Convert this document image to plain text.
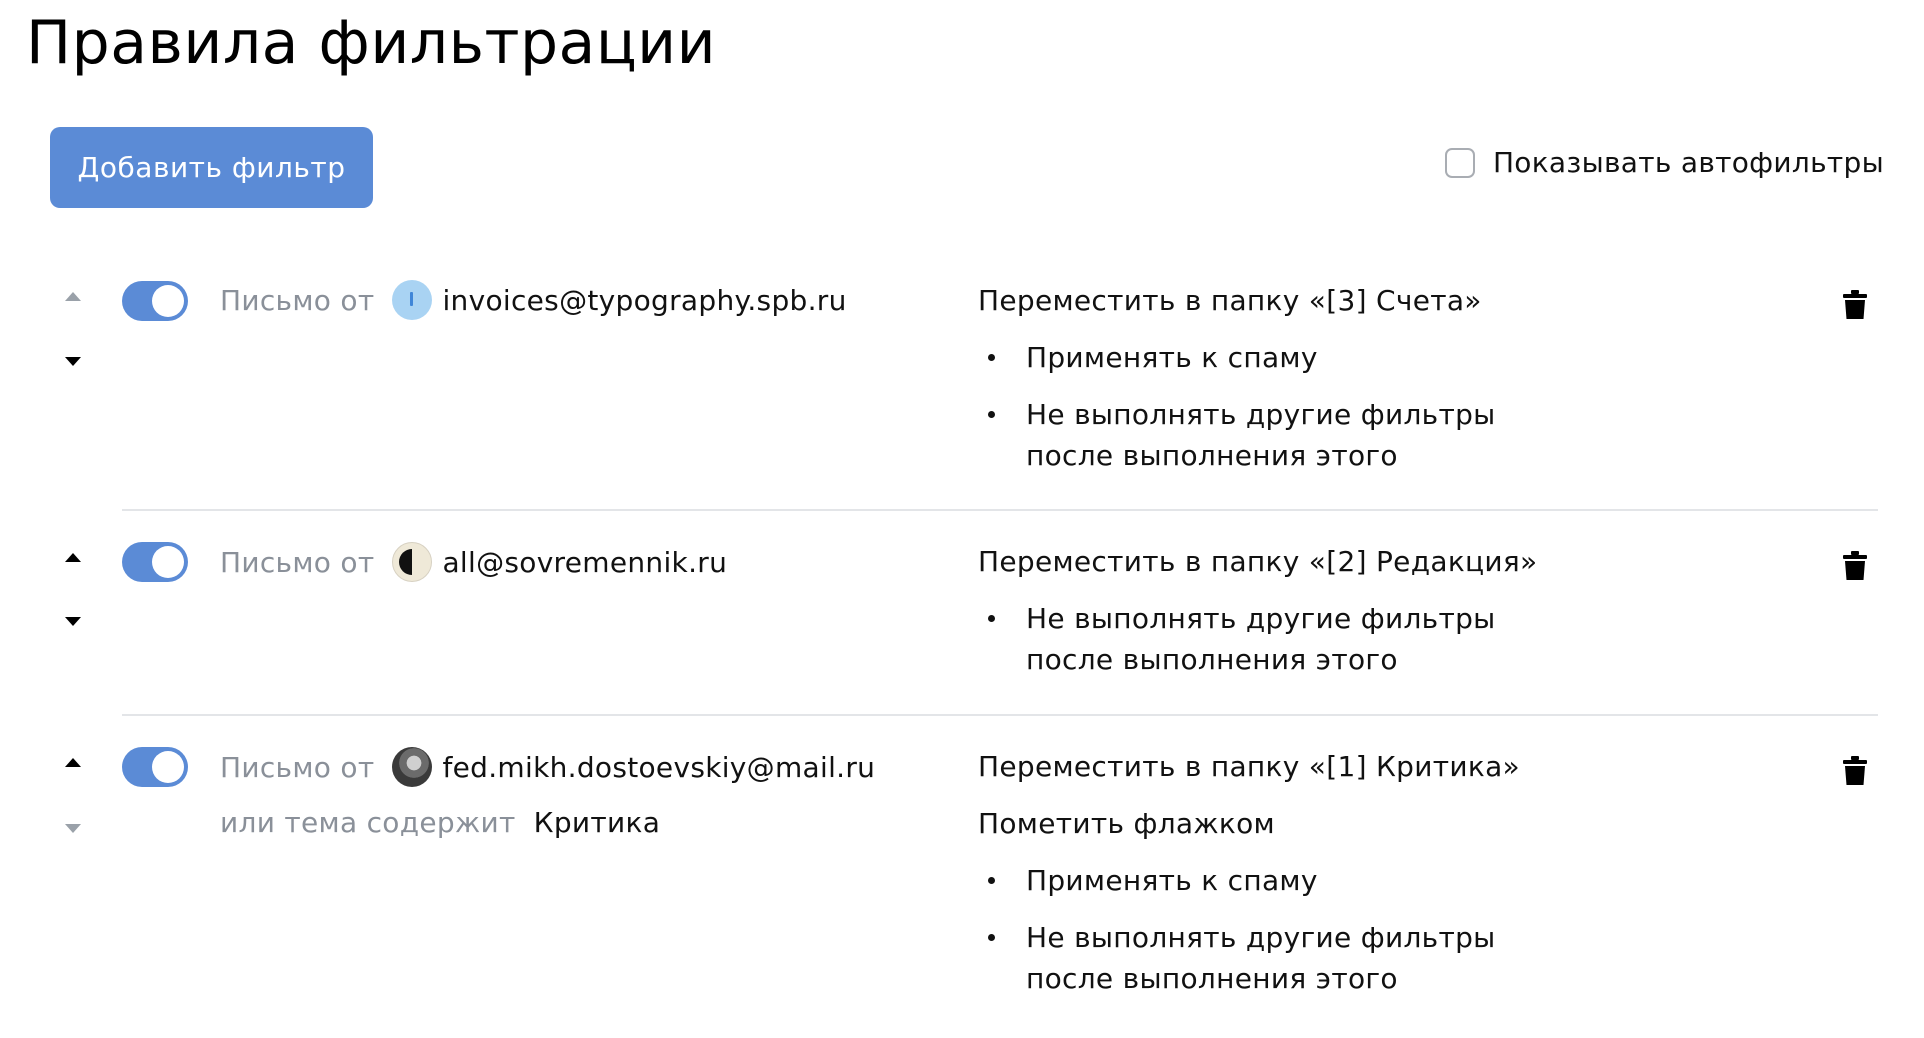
Правила фильтрации
Добавить фильтр	Показывать автофильтры
Письмо от invoices@typography.spb.ru	Переместить в папку «[3] Счета»
Применять к спаму
Не выполнять другие фильтры после выполнения этого
Письмо от all@sovremennik.ru	Переместить в папку «[2] Редакция»
Не выполнять другие фильтры после выполнения этого
Письмо от fed.mikh.dostoevskiy@mail.ru
или тема содержит Критика
Переместить в папку «[1] Критика»
Пометить флажком
Применять к спаму
Не выполнять другие фильтры после выполнения этого
